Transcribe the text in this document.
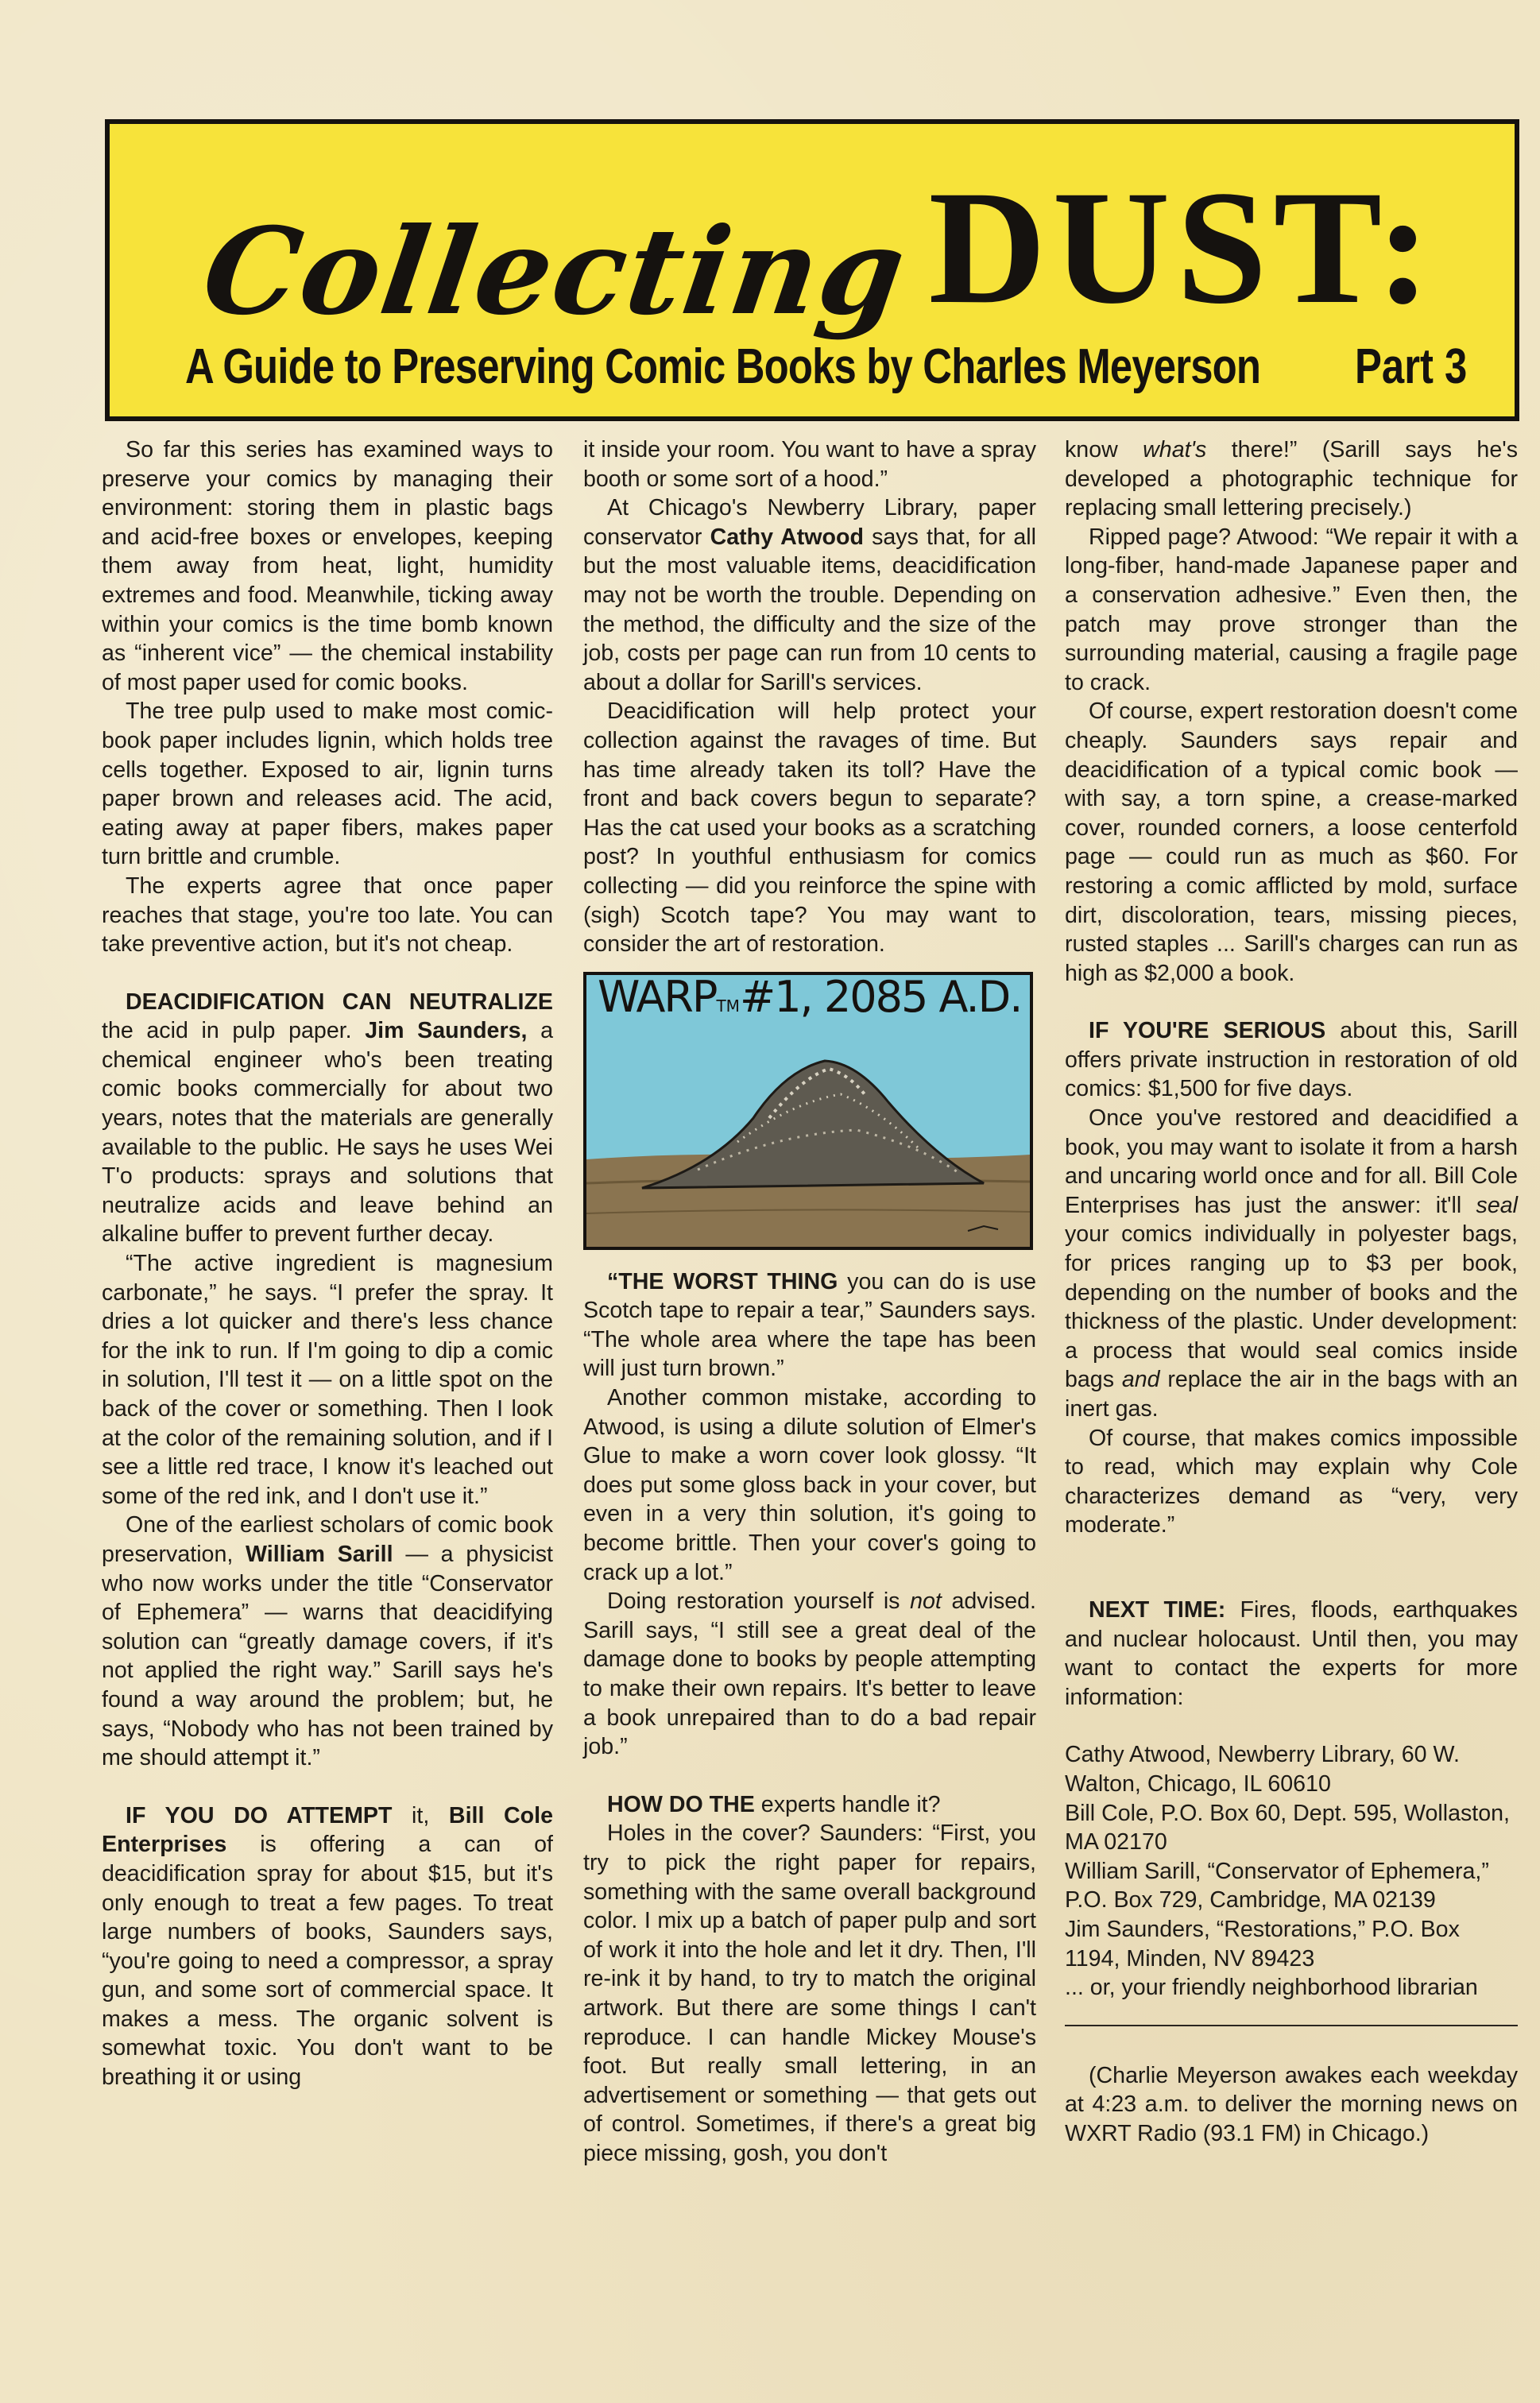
CollectingDUST:
A Guide to Preserving Comic Books by Charles Meyerson Part 3

So far this series has examined ways to preserve your comics by managing their environment: storing them in plastic bags and acid-free boxes or envelopes, keeping them away from heat, light, humidity extremes and food. Meanwhile, ticking away within your comics is the time bomb known as “inherent vice” — the chemical instability of most paper used for comic books.

The tree pulp used to make most comic-book paper includes lignin, which holds tree cells together. Exposed to air, lignin turns paper brown and releases acid. The acid, eating away at paper fibers, makes paper turn brittle and crumble.

The experts agree that once paper reaches that stage, you're too late. You can take preventive action, but it's not cheap.

DEACIDIFICATION CAN NEUTRALIZE the acid in pulp paper. Jim Saunders, a chemical engineer who's been treating comic books commercially for about two years, notes that the materials are generally available to the public. He says he uses Wei T'o products: sprays and solutions that neutralize acids and leave behind an alkaline buffer to prevent further decay.

“The active ingredient is magnesium carbonate,” he says. “I prefer the spray. It dries a lot quicker and there's less chance for the ink to run. If I'm going to dip a comic in solution, I'll test it — on a little spot on the back of the cover or something. Then I look at the color of the remaining solution, and if I see a little red trace, I know it's leached out some of the red ink, and I don't use it.”

One of the earliest scholars of comic book preservation, William Sarill — a physicist who now works under the title “Conservator of Ephemera” — warns that deacidifying solution can “greatly damage covers, if it's not applied the right way.” Sarill says he's found a way around the problem; but, he says, “Nobody who has not been trained by me should attempt it.”

IF YOU DO ATTEMPT it, Bill Cole Enterprises is offering a can of deacidification spray for about $15, but it's only enough to treat a few pages. To treat large numbers of books, Saunders says, “you're going to need a compressor, a spray gun, and some sort of commercial space. It makes a mess. The organic solvent is somewhat toxic. You don't want to be breathing it or using

it inside your room. You want to have a spray booth or some sort of a hood.”

At Chicago's Newberry Library, paper conservator Cathy Atwood says that, for all but the most valuable items, deacidification may not be worth the trouble. Depending on the method, the difficulty and the size of the job, costs per page can run from 10 cents to about a dollar for Sarill's services.

Deacidification will help protect your collection against the ravages of time. But has time already taken its toll? Have the front and back covers begun to separate? Has the cat used your books as a scratching post? In youthful enthusiasm for comics collecting — did you reinforce the spine with (sigh) Scotch tape? You may want to consider the art of restoration.

WARPTM#1, 2085 A.D.

“THE WORST THING you can do is use Scotch tape to repair a tear,” Saunders says. “The whole area where the tape has been will just turn brown.”

Another common mistake, according to Atwood, is using a dilute solution of Elmer's Glue to make a worn cover look glossy. “It does put some gloss back in your cover, but even in a very thin solution, it's going to become brittle. Then your cover's going to crack up a lot.”

Doing restoration yourself is not advised. Sarill says, “I still see a great deal of the damage done to books by people attempting to make their own repairs. It's better to leave a book unrepaired than to do a bad repair job.”

HOW DO THE experts handle it?

Holes in the cover? Saunders: “First, you try to pick the right paper for repairs, something with the same overall background color. I mix up a batch of paper pulp and sort of work it into the hole and let it dry. Then, I'll re-ink it by hand, to try to match the original artwork. But there are some things I can't reproduce. I can handle Mickey Mouse's foot. But really small lettering, in an advertisement or something — that gets out of control. Sometimes, if there's a great big piece missing, gosh, you don't

know what's there!” (Sarill says he's developed a photographic technique for replacing small lettering precisely.)

Ripped page? Atwood: “We repair it with a long-fiber, hand-made Japanese paper and a conservation adhesive.” Even then, the patch may prove stronger than the surrounding material, causing a fragile page to crack.

Of course, expert restoration doesn't come cheaply. Saunders says repair and deacidification of a typical comic book — with say, a torn spine, a crease-marked cover, rounded corners, a loose centerfold page — could run as much as $60. For restoring a comic afflicted by mold, surface dirt, discoloration, tears, missing pieces, rusted staples ... Sarill's charges can run as high as $2,000 a book.

IF YOU'RE SERIOUS about this, Sarill offers private instruction in restoration of old comics: $1,500 for five days.

Once you've restored and deacidified a book, you may want to isolate it from a harsh and uncaring world once and for all. Bill Cole Enterprises has just the answer: it'll seal your comics individually in polyester bags, for prices ranging up to $3 per book, depending on the number of books and the thickness of the plastic. Under development: a process that would seal comics inside bags and replace the air in the bags with an inert gas.

Of course, that makes comics impossible to read, which may explain why Cole characterizes demand as “very, very moderate.”

NEXT TIME: Fires, floods, earthquakes and nuclear holocaust. Until then, you may want to contact the experts for more information:

Cathy Atwood, Newberry Library, 60 W. Walton, Chicago, IL 60610

Bill Cole, P.O. Box 60, Dept. 595, Wollaston, MA 02170

William Sarill, “Conservator of Ephemera,” P.O. Box 729, Cambridge, MA 02139

Jim Saunders, “Restorations,” P.O. Box 1194, Minden, NV 89423

... or, your friendly neighborhood librarian

(Charlie Meyerson awakes each weekday at 4:23 a.m. to deliver the morning news on WXRT Radio (93.1 FM) in Chicago.)
